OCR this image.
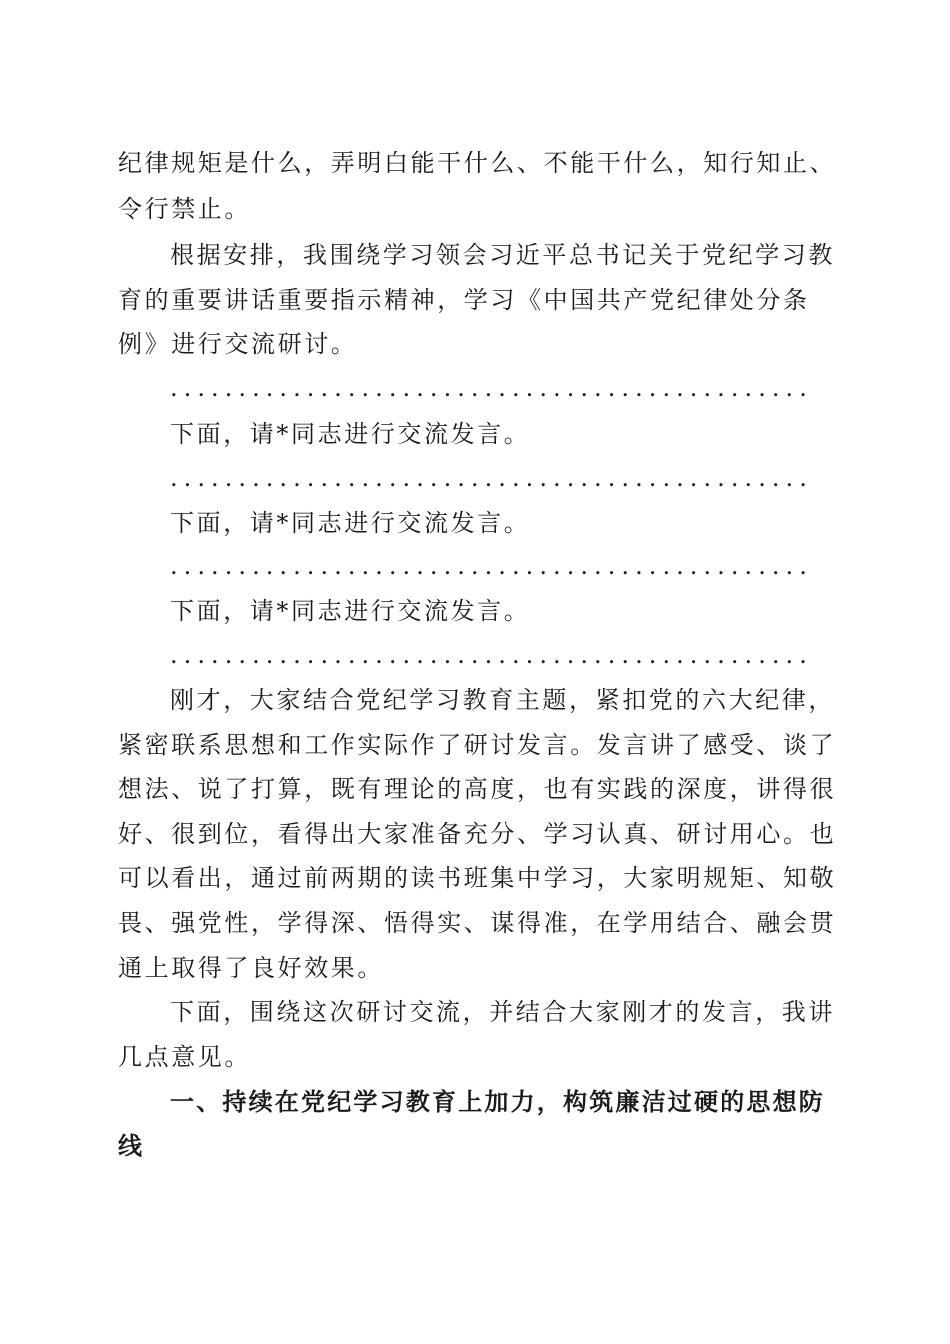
纪律规矩是什么，弄明白能干什么、不能干什么，知行知止、
令行禁止。
根据安排，我围绕学习领会习近平总书记关于党纪学习教
育的重要讲话重要指示精神，学习《中国共产党纪律处分条
例》进行交流研讨。
...............................................
下面，请*同志进行交流发言。
...............................................
下面，请*同志进行交流发言。
...............................................
下面，请*同志进行交流发言。
...............................................
刚才，大家结合党纪学习教育主题，紧扣党的六大纪律，
紧密联系思想和工作实际作了研讨发言。发言讲了感受、谈了
想法、说了打算，既有理论的高度，也有实践的深度，讲得很
好、很到位，看得出大家准备充分、学习认真、研讨用心。也
可以看出，通过前两期的读书班集中学习，大家明规矩、知敬
畏、强党性，学得深、悟得实、谋得准，在学用结合、融会贯
通上取得了良好效果。
下面，围绕这次研讨交流，并结合大家刚才的发言，我讲
几点意见。
一、持续在党纪学习教育上加力，构筑廉洁过硬的思想防
线
